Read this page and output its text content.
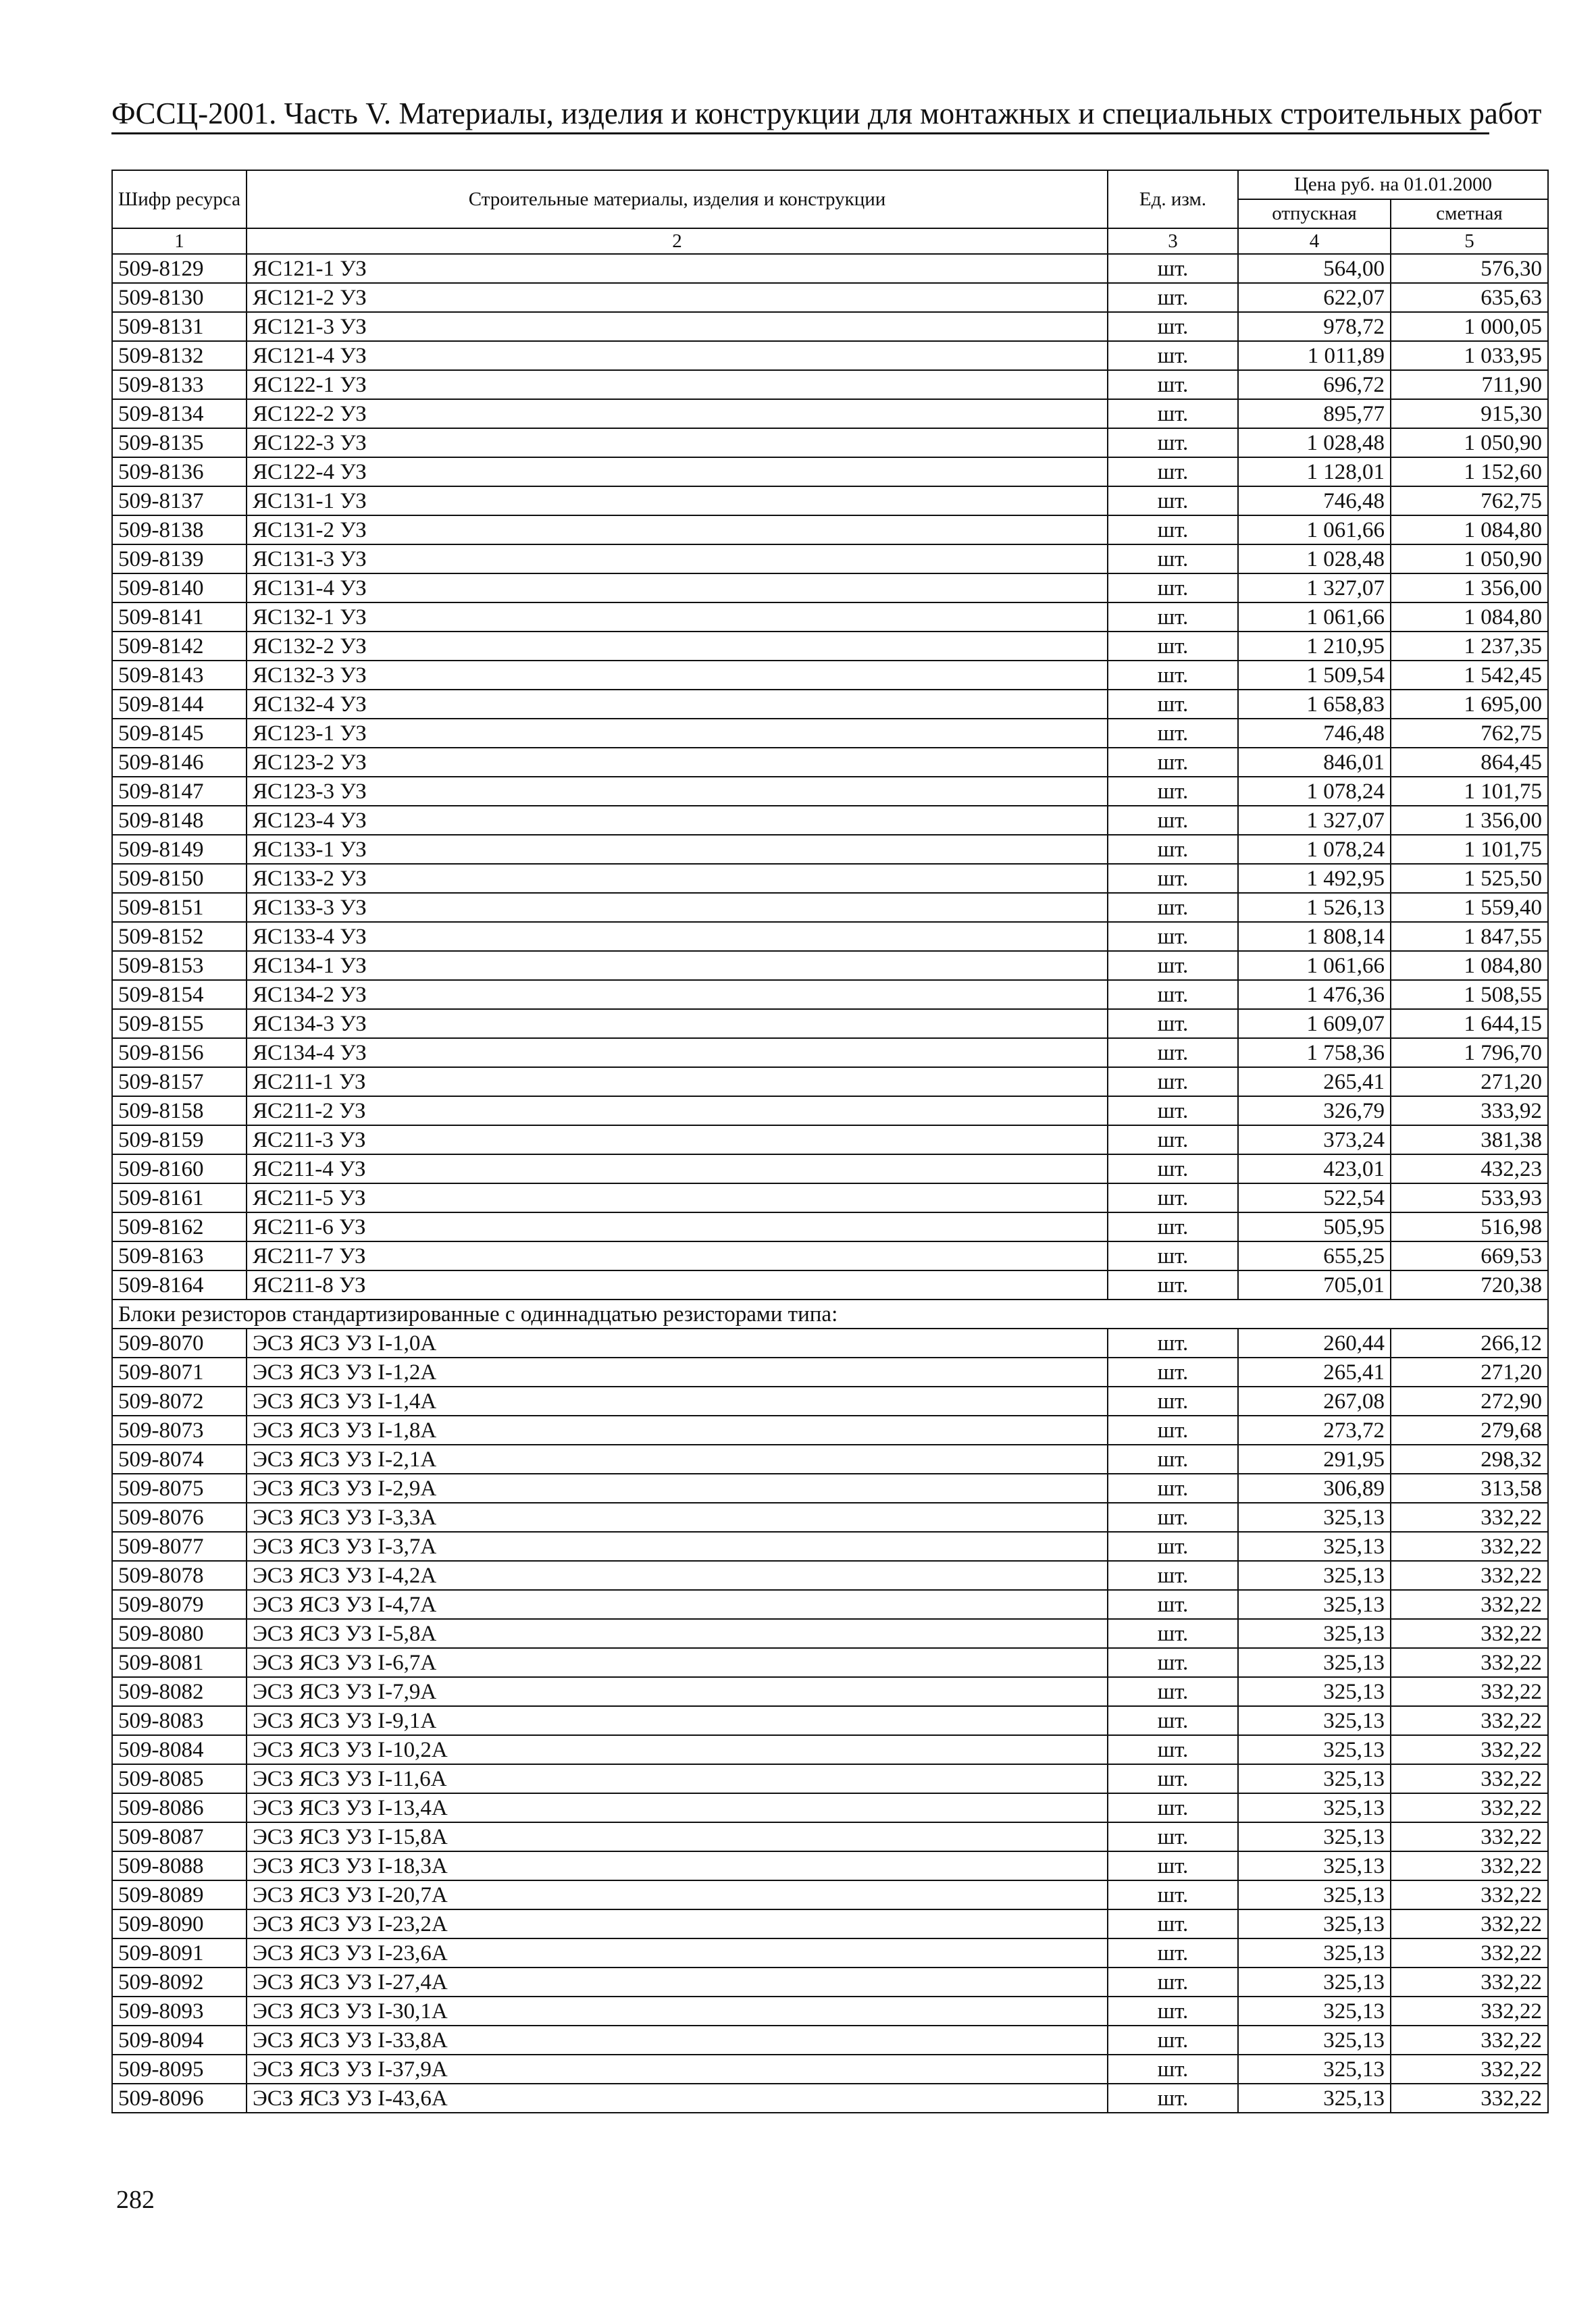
ФССЦ-2001. Часть V. Материалы, изделия и конструкции для монтажных и специальных строительных работ
Шифр ресурса	Строительные материалы, изделия и конструкции	Ед. изм.	Цена руб. на 01.01.2000	
			отпускная	сметная
1	2	3	4	5
509-8129	ЯС121-1 УЗ	шт.	564,00	576,30
509-8130	ЯС121-2 УЗ	шт.	622,07	635,63
509-8131	ЯС121-3 УЗ	шт.	978,72	1 000,05
509-8132	ЯС121-4 УЗ	шт.	1 011,89	1 033,95
509-8133	ЯС122-1 УЗ	шт.	696,72	711,90
509-8134	ЯС122-2 УЗ	шт.	895,77	915,30
509-8135	ЯС122-3 УЗ	шт.	1 028,48	1 050,90
509-8136	ЯС122-4 УЗ	шт.	1 128,01	1 152,60
509-8137	ЯС131-1 УЗ	шт.	746,48	762,75
509-8138	ЯС131-2 УЗ	шт.	1 061,66	1 084,80
509-8139	ЯС131-3 УЗ	шт.	1 028,48	1 050,90
509-8140	ЯС131-4 УЗ	шт.	1 327,07	1 356,00
509-8141	ЯС132-1 УЗ	шт.	1 061,66	1 084,80
509-8142	ЯС132-2 УЗ	шт.	1 210,95	1 237,35
509-8143	ЯС132-3 УЗ	шт.	1 509,54	1 542,45
509-8144	ЯС132-4 УЗ	шт.	1 658,83	1 695,00
509-8145	ЯС123-1 УЗ	шт.	746,48	762,75
509-8146	ЯС123-2 УЗ	шт.	846,01	864,45
509-8147	ЯС123-3 УЗ	шт.	1 078,24	1 101,75
509-8148	ЯС123-4 УЗ	шт.	1 327,07	1 356,00
509-8149	ЯС133-1 УЗ	шт.	1 078,24	1 101,75
509-8150	ЯС133-2 УЗ	шт.	1 492,95	1 525,50
509-8151	ЯС133-3 УЗ	шт.	1 526,13	1 559,40
509-8152	ЯС133-4 УЗ	шт.	1 808,14	1 847,55
509-8153	ЯС134-1 УЗ	шт.	1 061,66	1 084,80
509-8154	ЯС134-2 УЗ	шт.	1 476,36	1 508,55
509-8155	ЯС134-3 УЗ	шт.	1 609,07	1 644,15
509-8156	ЯС134-4 УЗ	шт.	1 758,36	1 796,70
509-8157	ЯС211-1 УЗ	шт.	265,41	271,20
509-8158	ЯС211-2 УЗ	шт.	326,79	333,92
509-8159	ЯС211-3 УЗ	шт.	373,24	381,38
509-8160	ЯС211-4 УЗ	шт.	423,01	432,23
509-8161	ЯС211-5 УЗ	шт.	522,54	533,93
509-8162	ЯС211-6 УЗ	шт.	505,95	516,98
509-8163	ЯС211-7 УЗ	шт.	655,25	669,53
509-8164	ЯС211-8 УЗ	шт.	705,01	720,38
Блоки резисторов стандартизированные с одиннадцатью резисторами типа:				
509-8070	ЭСЗ ЯСЗ УЗ I-1,0А	шт.	260,44	266,12
509-8071	ЭСЗ ЯСЗ УЗ I-1,2А	шт.	265,41	271,20
509-8072	ЭСЗ ЯСЗ УЗ I-1,4А	шт.	267,08	272,90
509-8073	ЭСЗ ЯСЗ УЗ I-1,8А	шт.	273,72	279,68
509-8074	ЭСЗ ЯСЗ УЗ I-2,1А	шт.	291,95	298,32
509-8075	ЭСЗ ЯСЗ УЗ I-2,9А	шт.	306,89	313,58
509-8076	ЭСЗ ЯСЗ УЗ I-3,3А	шт.	325,13	332,22
509-8077	ЭСЗ ЯСЗ УЗ I-3,7А	шт.	325,13	332,22
509-8078	ЭСЗ ЯСЗ УЗ I-4,2А	шт.	325,13	332,22
509-8079	ЭСЗ ЯСЗ УЗ I-4,7А	шт.	325,13	332,22
509-8080	ЭСЗ ЯСЗ УЗ I-5,8А	шт.	325,13	332,22
509-8081	ЭСЗ ЯСЗ УЗ I-6,7А	шт.	325,13	332,22
509-8082	ЭСЗ ЯСЗ УЗ I-7,9А	шт.	325,13	332,22
509-8083	ЭСЗ ЯСЗ УЗ I-9,1А	шт.	325,13	332,22
509-8084	ЭСЗ ЯСЗ УЗ I-10,2А	шт.	325,13	332,22
509-8085	ЭСЗ ЯСЗ УЗ I-11,6А	шт.	325,13	332,22
509-8086	ЭСЗ ЯСЗ УЗ I-13,4А	шт.	325,13	332,22
509-8087	ЭСЗ ЯСЗ УЗ I-15,8А	шт.	325,13	332,22
509-8088	ЭСЗ ЯСЗ УЗ I-18,3А	шт.	325,13	332,22
509-8089	ЭСЗ ЯСЗ УЗ I-20,7А	шт.	325,13	332,22
509-8090	ЭСЗ ЯСЗ УЗ I-23,2А	шт.	325,13	332,22
509-8091	ЭСЗ ЯСЗ УЗ I-23,6А	шт.	325,13	332,22
509-8092	ЭСЗ ЯСЗ УЗ I-27,4А	шт.	325,13	332,22
509-8093	ЭСЗ ЯСЗ УЗ I-30,1А	шт.	325,13	332,22
509-8094	ЭСЗ ЯСЗ УЗ I-33,8А	шт.	325,13	332,22
509-8095	ЭСЗ ЯСЗ УЗ I-37,9А	шт.	325,13	332,22
509-8096	ЭСЗ ЯСЗ УЗ I-43,6А	шт.	325,13	332,22
282
